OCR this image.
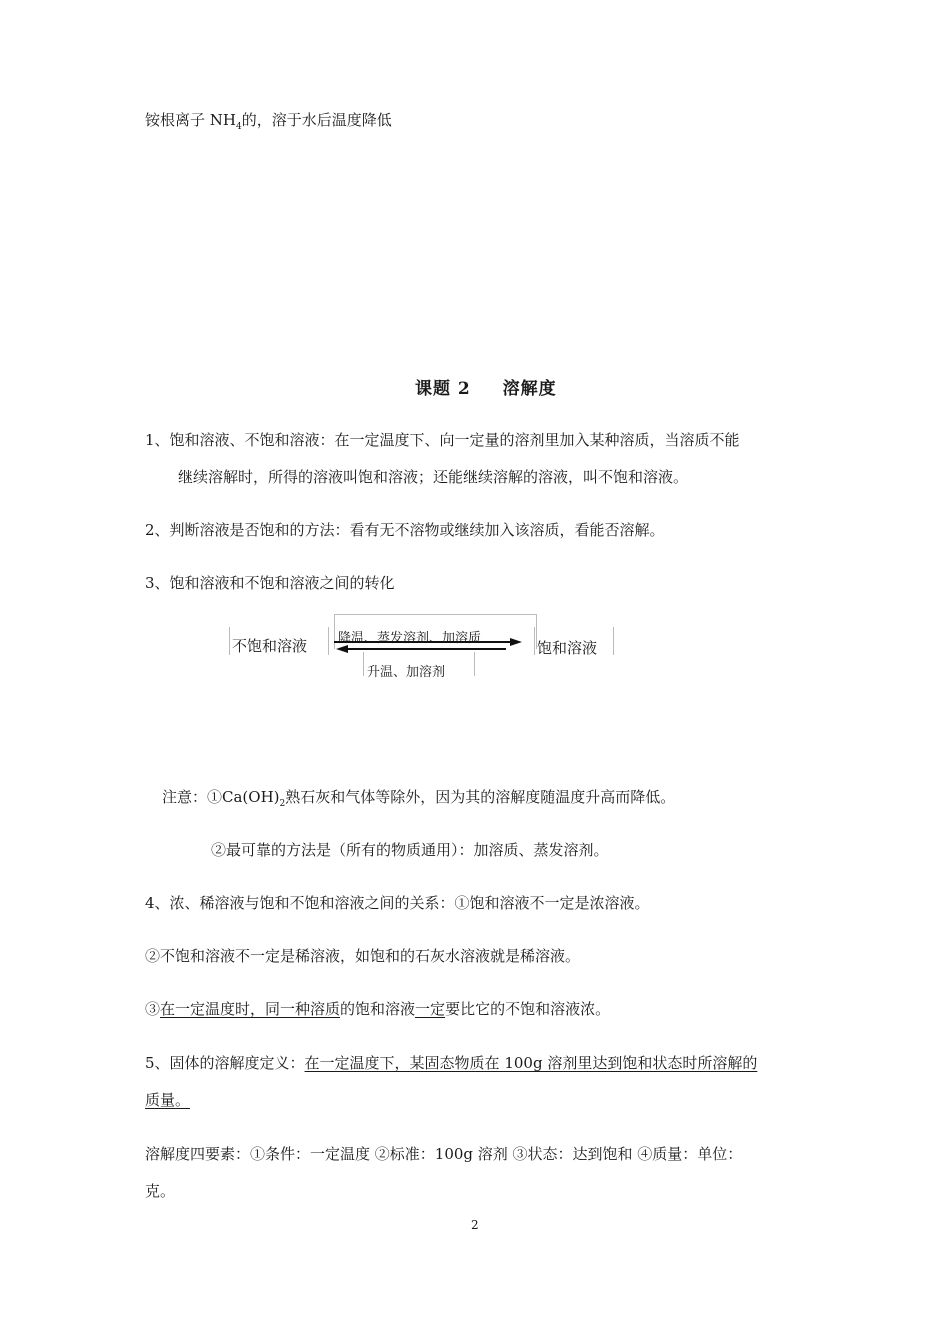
铵根离子 $NH_4$的，溶于水后温度降低
课题 2 　 溶解度
1、饱和溶液、不饱和溶液：在一定温度下、向一定量的溶剂里加入某种溶质，当溶质不能
继续溶解时，所得的溶液叫饱和溶液；还能继续溶解的溶液，叫不饱和溶液。
2、判断溶液是否饱和的方法：看有无不溶物或继续加入该溶质，看能否溶解。
3、饱和溶液和不饱和溶液之间的转化
不饱和溶液	饱和溶液
降温、蒸发溶剂、加溶质
升温、加溶剂
注意：$①Ca(OH)_2$熟石灰和气体等除外，因为其的溶解度随温度升高而降低。
②最可靠的方法是（所有的物质通用）：加溶质、蒸发溶剂。
4、浓、稀溶液与饱和不饱和溶液之间的关系：①饱和溶液不一定是浓溶液。
②不饱和溶液不一定是稀溶液，如饱和的石灰水溶液就是稀溶液。
③在一定温度时，同一种溶质的饱和溶液一定要比它的不饱和溶液浓。
5、固体的溶解度定义：在一定温度下，某固态物质在 100g 溶剂里达到饱和状态时所溶解的
质量。
溶解度四要素：①条件：一定温度 ②标准：100g 溶剂 ③状态：达到饱和 ④质量：单位：
克。
2
